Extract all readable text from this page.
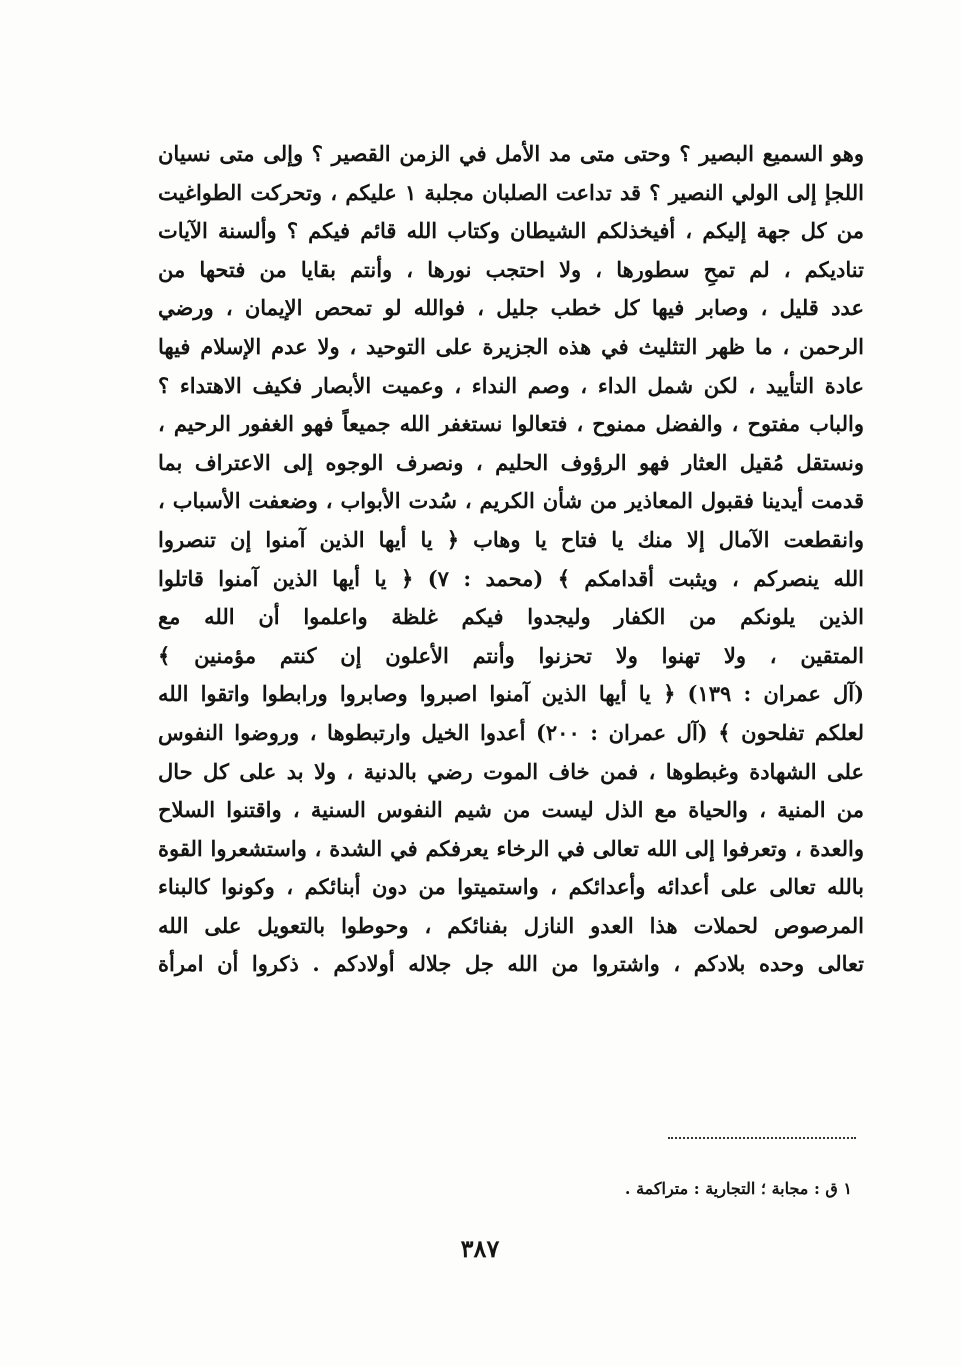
وهو السميع البصير ؟ وحتى متى مد الأمل في الزمن القصير ؟ وإلى متى نسيان
اللجإ إلى الولي النصير ؟ قد تداعت الصلبان مجلبة ١ عليكم ، وتحركت الطواغيت
من كل جهة إليكم ، أفيخذلكم الشيطان وكتاب الله قائم فيكم ؟ وألسنة الآيات
تناديكم ، لم تمحِ سطورها ، ولا احتجب نورها ، وأنتم بقايا من فتحها من
عدد قليل ، وصابر فيها كل خطب جليل ، فوالله لو تمحص الإيمان ، ورضي
الرحمن ، ما ظهر التثليث في هذه الجزيرة على التوحيد ، ولا عدم الإسلام فيها
عادة التأييد ، لكن شمل الداء ، وصم النداء ، وعميت الأبصار فكيف الاهتداء ؟
والباب مفتوح ، والفضل ممنوح ، فتعالوا نستغفر الله جميعاً فهو الغفور الرحيم ،
ونستقل مُقيل العثار فهو الرؤوف الحليم ، ونصرف الوجوه إلى الاعتراف بما
قدمت أيدينا فقبول المعاذير من شأن الكريم ، سُدت الأبواب ، وضعفت الأسباب ،
وانقطعت الآمال إلا منك يا فتاح يا وهاب ﴿ يا أيها الذين آمنوا إن تنصروا
الله ينصركم ، ويثبت أقدامكم ﴾ (محمد : ٧) ﴿ يا أيها الذين آمنوا قاتلوا
الذين يلونكم من الكفار وليجدوا فيكم غلظة واعلموا أن الله مع
المتقين ، ولا تهنوا ولا تحزنوا وأنتم الأعلون إن كنتم مؤمنين ﴾
(آل عمران : ١٣٩) ﴿ يا أيها الذين آمنوا اصبروا وصابروا ورابطوا واتقوا الله
لعلكم تفلحون ﴾ (آل عمران : ٢٠٠) أعدوا الخيل وارتبطوها ، وروضوا النفوس
على الشهادة وغبطوها ، فمن خاف الموت رضي بالدنية ، ولا بد على كل حال
من المنية ، والحياة مع الذل ليست من شيم النفوس السنية ، واقتنوا السلاح
والعدة ، وتعرفوا إلى الله تعالى في الرخاء يعرفكم في الشدة ، واستشعروا القوة
بالله تعالى على أعدائه وأعدائكم ، واستميتوا من دون أبنائكم ، وكونوا كالبناء
المرصوص لحملات هذا العدو النازل بفنائكم ، وحوطوا بالتعويل على الله
تعالى وحده بلادكم ، واشتروا من الله جل جلاله أولادكم . ذكروا أن امرأة
١ ق : مجابة ؛ التجارية : متراكمة .
٣٨٧
